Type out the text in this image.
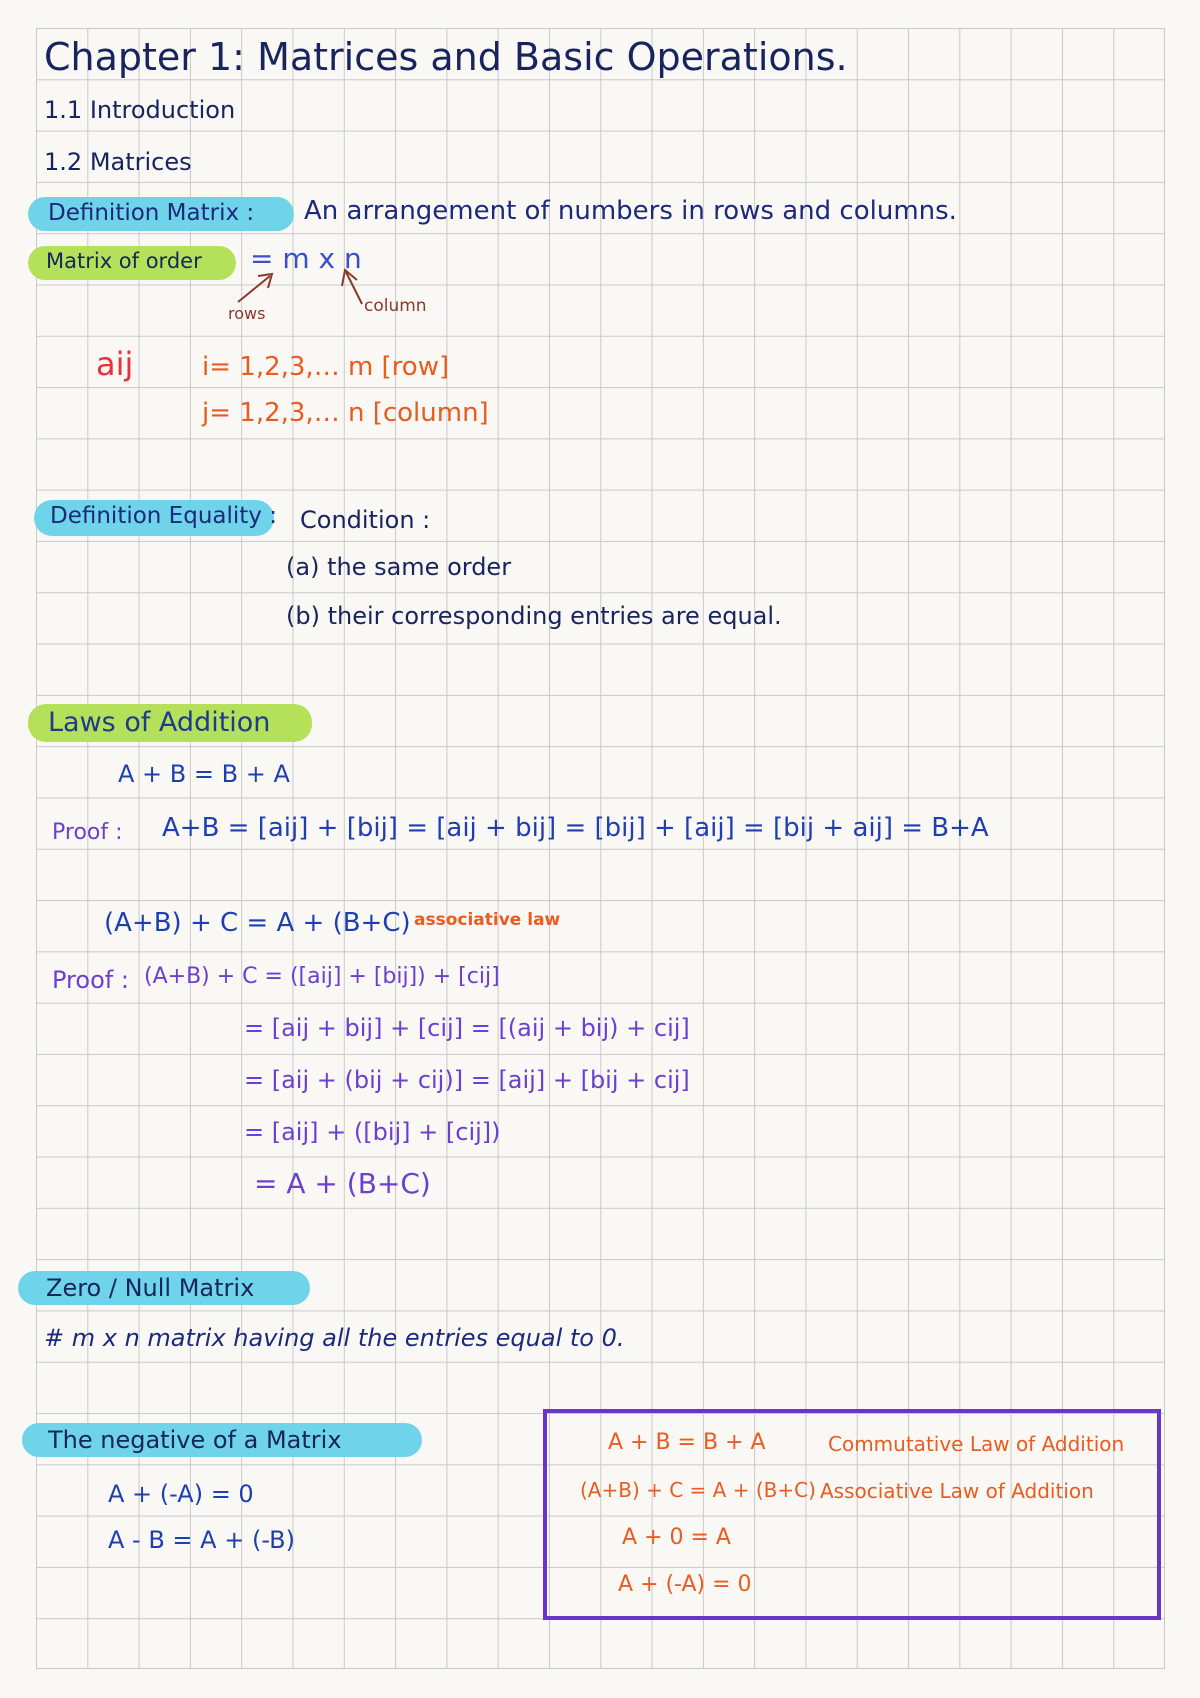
Chapter 1: Matrices and Basic Operations.
1.1 Introduction
1.2 Matrices
Definition Matrix : An arrangement of numbers in rows and columns.
Matrix of order = m x n
rows	column
aij	i= 1,2,3,… m [row]
j= 1,2,3,… n [column]
Definition Equality : Condition :
(a) the same order
(b) their corresponding entries are equal.
Laws of Addition
A + B = B + A
Proof : A+B = [aij] + [bij] = [aij + bij] = [bij] + [aij] = [bij + aij] = B+A
(A+B) + C = A + (B+C) associative law
Proof : (A+B) + C = ([aij] + [bij]) + [cij]
= [aij + bij] + [cij] = [(aij + bij) + cij]
= [aij + (bij + cij)] = [aij] + [bij + cij]
= [aij] + ([bij] + [cij])
= A + (B+C)
Zero / Null Matrix
# m x n matrix having all the entries equal to 0.
The negative of a Matrix
A + (-A) = 0
A - B = A + (-B)
A + B = B + A	Commutative Law of Addition
(A+B) + C = A + (B+C) Associative Law of Addition
A + 0 = A
A + (-A) = 0
